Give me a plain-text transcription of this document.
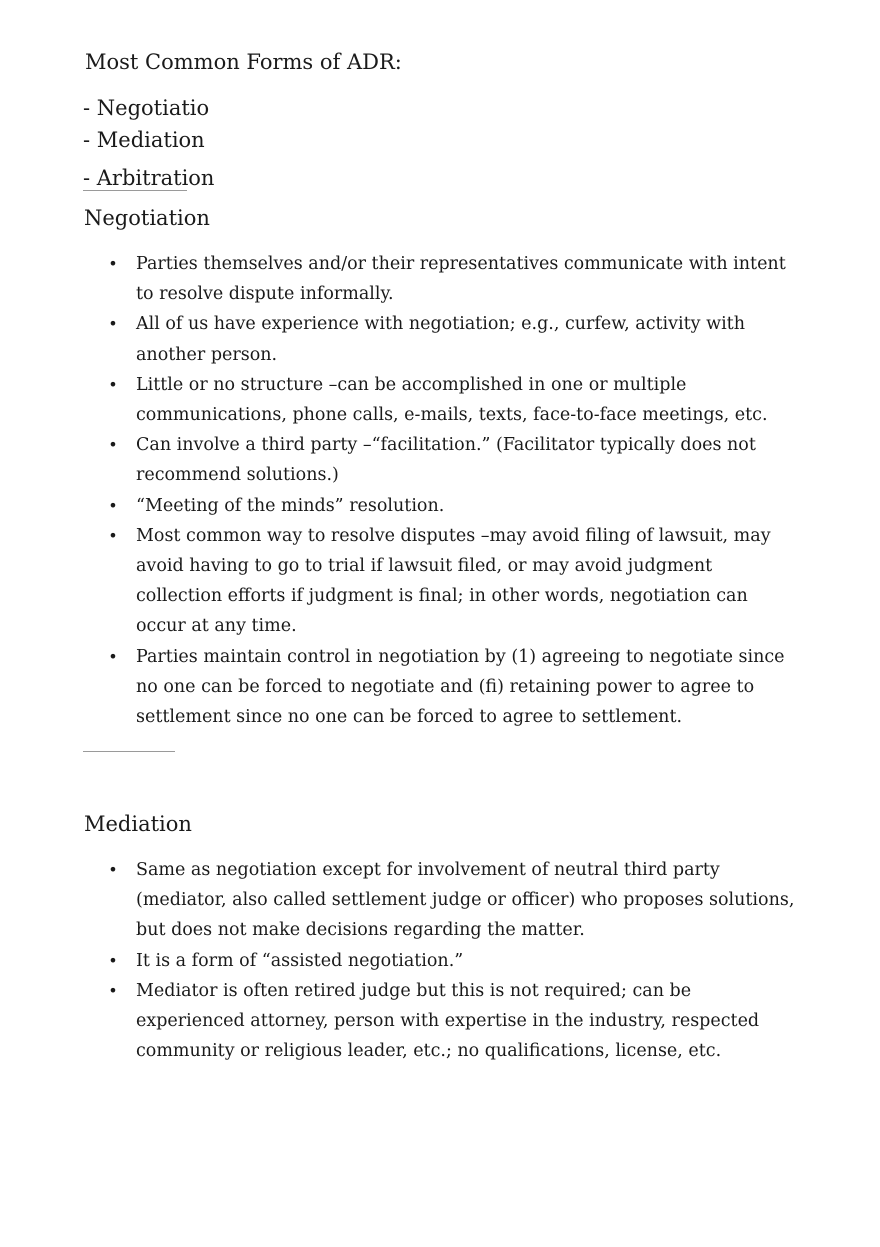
Most Common Forms of ADR:
- Negotiatio
- Mediation
- Arbitration
Negotiation
• Parties themselves and/or their representatives communicate with intent to resolve dispute informally.
• All of us have experience with negotiation; e.g., curfew, activity with another person.
• Little or no structure –can be accomplished in one or multiple communications, phone calls, e-mails, texts, face-to-face meetings, etc.
• Can involve a third party –“facilitation.” (Facilitator typically does not recommend solutions.)
• “Meeting of the minds” resolution.
• Most common way to resolve disputes –may avoid filing of lawsuit, may avoid having to go to trial if lawsuit filed, or may avoid judgment collection efforts if judgment is final; in other words, negotiation can occur at any time.
• Parties maintain control in negotiation by (1) agreeing to negotiate since no one can be forced to negotiate and (fi) retaining power to agree to settlement since no one can be forced to agree to settlement.
Mediation
• Same as negotiation except for involvement of neutral third party (mediator, also called settlement judge or officer) who proposes solutions, but does not make decisions regarding the matter.
• It is a form of “assisted negotiation.”
• Mediator is often retired judge but this is not required; can be experienced attorney, person with expertise in the industry, respected community or religious leader, etc.; no qualifications, license, etc.
